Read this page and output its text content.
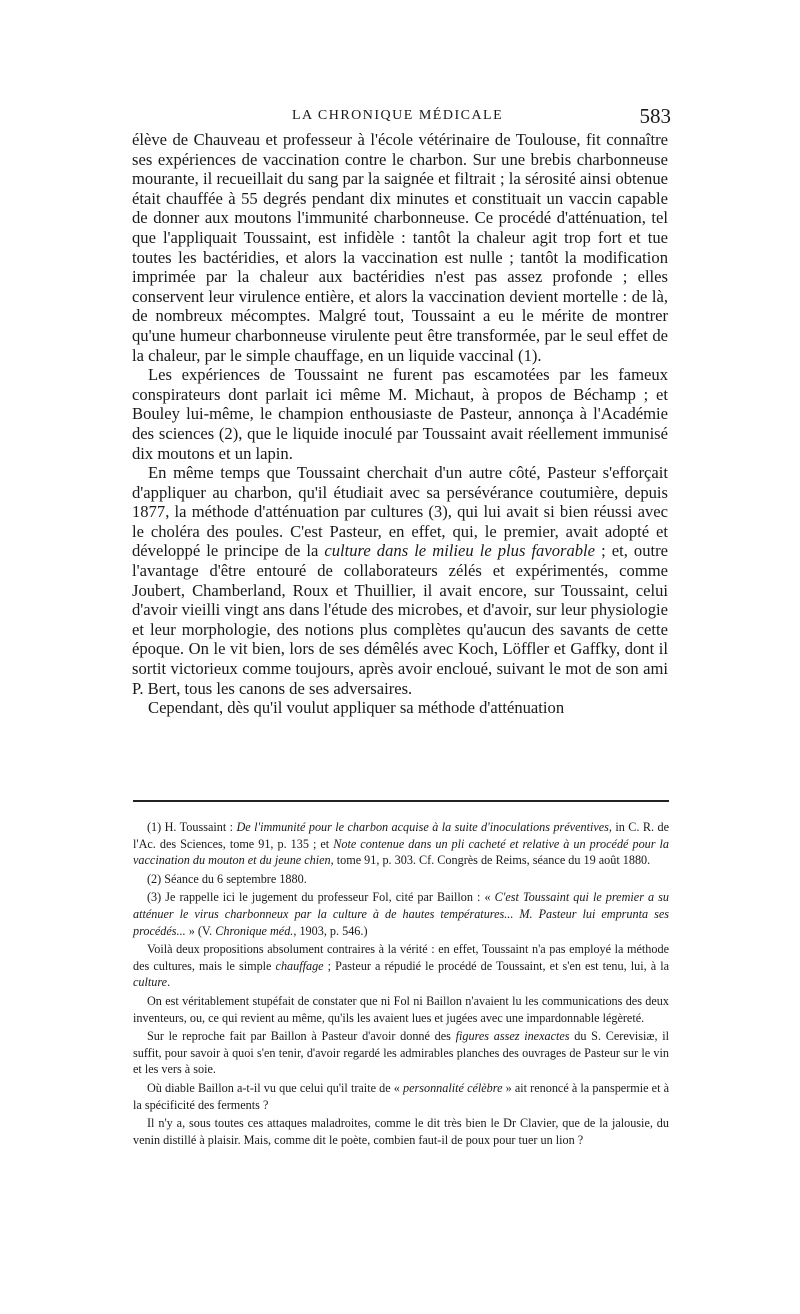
LA CHRONIQUE MÉDICALE	583

élève de Chauveau et professeur à l'école vétérinaire de Toulouse, fit connaître ses expériences de vaccination contre le charbon. Sur une brebis charbonneuse mourante, il recueillait du sang par la saignée et filtrait ; la sérosité ainsi obtenue était chauffée à 55 degrés pendant dix minutes et constituait un vaccin capable de donner aux moutons l'immunité charbonneuse. Ce procédé d'atténuation, tel que l'appliquait Toussaint, est infidèle : tantôt la chaleur agit trop fort et tue toutes les bactéridies, et alors la vaccination est nulle ; tantôt la modification imprimée par la chaleur aux bactéridies n'est pas assez profonde ; elles conservent leur virulence entière, et alors la vaccination devient mortelle : de là, de nombreux mécomptes. Malgré tout, Toussaint a eu le mérite de montrer qu'une humeur charbonneuse virulente peut être transformée, par le seul effet de la chaleur, par le simple chauffage, en un liquide vaccinal (1).

Les expériences de Toussaint ne furent pas escamotées par les fameux conspirateurs dont parlait ici même M. Michaut, à propos de Béchamp ; et Bouley lui-même, le champion enthousiaste de Pasteur, annonça à l'Académie des sciences (2), que le liquide inoculé par Toussaint avait réellement immunisé dix moutons et un lapin.

En même temps que Toussaint cherchait d'un autre côté, Pasteur s'efforçait d'appliquer au charbon, qu'il étudiait avec sa persévérance coutumière, depuis 1877, la méthode d'atténuation par cultures (3), qui lui avait si bien réussi avec le choléra des poules. C'est Pasteur, en effet, qui, le premier, avait adopté et développé le principe de la culture dans le milieu le plus favorable ; et, outre l'avantage d'être entouré de collaborateurs zélés et expérimentés, comme Joubert, Chamberland, Roux et Thuillier, il avait encore, sur Toussaint, celui d'avoir vieilli vingt ans dans l'étude des microbes, et d'avoir, sur leur physiologie et leur morphologie, des notions plus complètes qu'aucun des savants de cette époque. On le vit bien, lors de ses démêlés avec Koch, Löffler et Gaffky, dont il sortit victorieux comme toujours, après avoir encloué, suivant le mot de son ami P. Bert, tous les canons de ses adversaires.

Cependant, dès qu'il voulut appliquer sa méthode d'atténuation

(1) H. Toussaint : De l'immunité pour le charbon acquise à la suite d'inoculations préventives, in C. R. de l'Ac. des Sciences, tome 91, p. 135 ; et Note contenue dans un pli cacheté et relative à un procédé pour la vaccination du mouton et du jeune chien, tome 91, p. 303. Cf. Congrès de Reims, séance du 19 août 1880.

(2) Séance du 6 septembre 1880.

(3) Je rappelle ici le jugement du professeur Fol, cité par Baillon : « C'est Toussaint qui le premier a su atténuer le virus charbonneux par la culture à de hautes températures... M. Pasteur lui emprunta ses procédés... » (V. Chronique méd., 1903, p. 546.)

Voilà deux propositions absolument contraires à la vérité : en effet, Toussaint n'a pas employé la méthode des cultures, mais le simple chauffage ; Pasteur a répudié le procédé de Toussaint, et s'en est tenu, lui, à la culture.

On est véritablement stupéfait de constater que ni Fol ni Baillon n'avaient lu les communications des deux inventeurs, ou, ce qui revient au même, qu'ils les avaient lues et jugées avec une impardonnable légèreté.

Sur le reproche fait par Baillon à Pasteur d'avoir donné des figures assez inexactes du S. Cerevisiæ, il suffit, pour savoir à quoi s'en tenir, d'avoir regardé les admirables planches des ouvrages de Pasteur sur le vin et les vers à soie.

Où diable Baillon a-t-il vu que celui qu'il traite de « personnalité célèbre » ait renoncé à la panspermie et à la spécificité des ferments ?

Il n'y a, sous toutes ces attaques maladroites, comme le dit très bien le Dr Clavier, que de la jalousie, du venin distillé à plaisir. Mais, comme dit le poète, combien faut-il de poux pour tuer un lion ?
